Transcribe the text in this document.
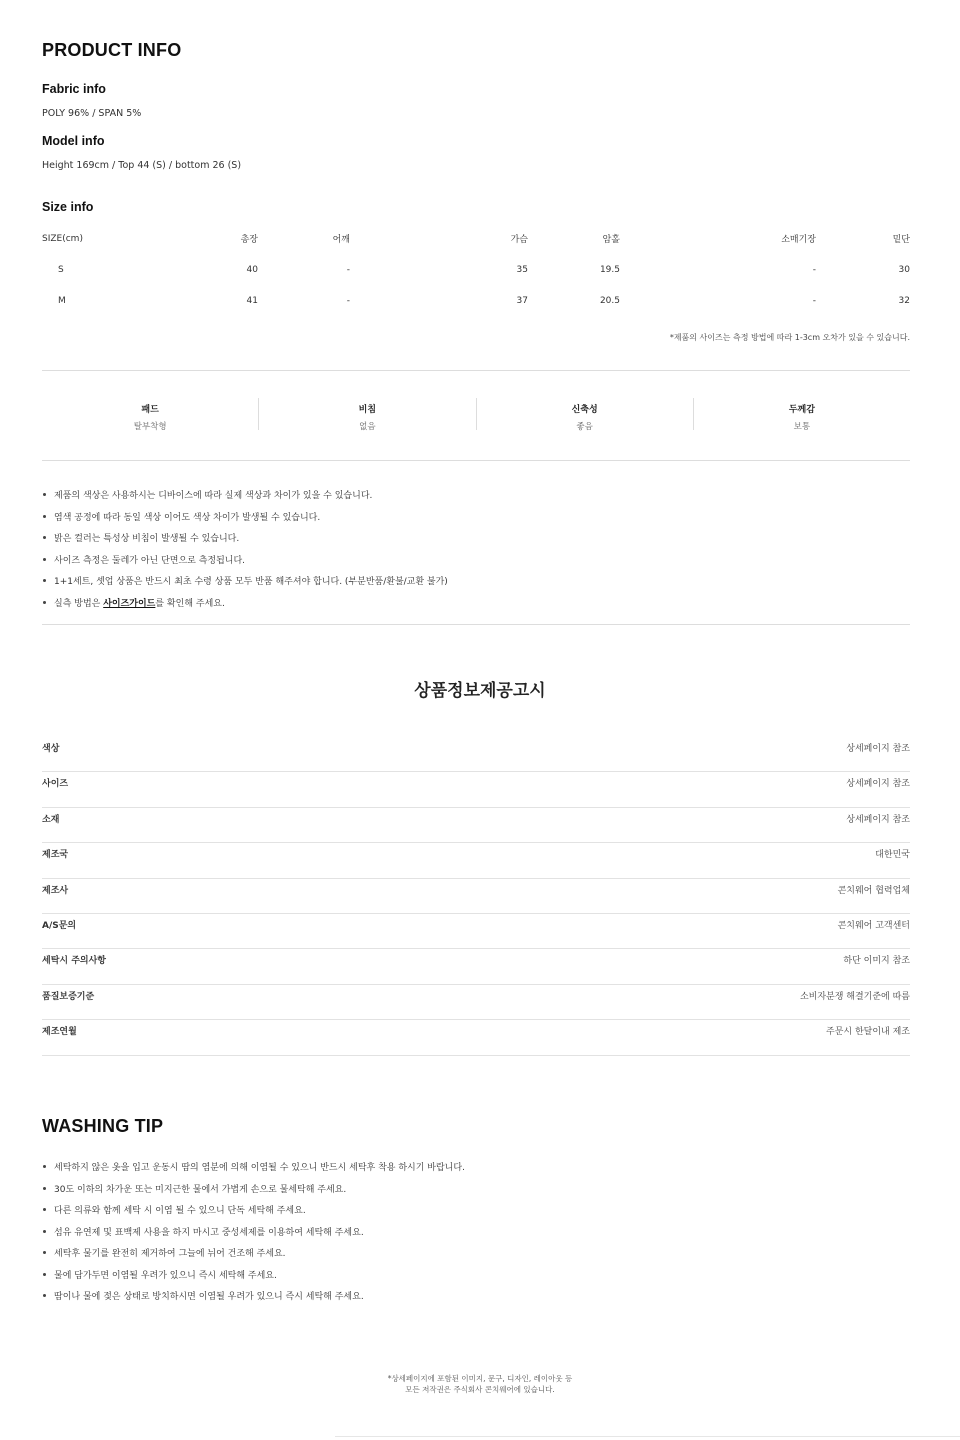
PRODUCT INFO
Fabric info
POLY 96% / SPAN 5%
Model info
Height 169cm / Top 44 (S) / bottom 26 (S)
Size info
SIZE(cm)	총장	어깨	가슴	암홀	소매기장	밑단
S	40	-	35	19.5	-	30
M	41	-	37	20.5	-	32
*제품의 사이즈는 측정 방법에 따라 1-3cm 오차가 있을 수 있습니다.
패드
탈부착형
비침
없음
신축성
좋음
두께감
보통
제품의 색상은 사용하시는 디바이스에 따라 실제 색상과 차이가 있을 수 있습니다.
염색 공정에 따라 동일 색상 이어도 색상 차이가 발생될 수 있습니다.
밝은 컬러는 특성상 비침이 발생될 수 있습니다.
사이즈 측정은 둘레가 아닌 단면으로 측정됩니다.
1+1세트, 셋업 상품은 반드시 최초 수령 상품 모두 반품 해주셔야 합니다. (부분반품/환불/교환 불가)
실측 방법은 사이즈가이드를 확인해 주세요.
상품정보제공고시
색상	상세페이지 참조
사이즈	상세페이지 참조
소재	상세페이지 참조
제조국	대한민국
제조사	콘치웨어 협력업체
A/S문의	콘치웨어 고객센터
세탁시 주의사항	하단 이미지 참조
품질보증기준	소비자분쟁 해결기준에 따름
제조연월	주문시 한달이내 제조
WASHING TIP
세탁하지 않은 옷을 입고 운동시 땀의 염분에 의해 이염될 수 있으니 반드시 세탁후 착용 하시기 바랍니다.
30도 이하의 차가운 또는 미지근한 물에서 가볍게 손으로 물세탁해 주세요.
다른 의류와 함께 세탁 시 이염 될 수 있으니 단독 세탁해 주세요.
섬유 유연제 및 표백제 사용을 하지 마시고 중성세제를 이용하여 세탁해 주세요.
세탁후 물기를 완전히 제거하여 그늘에 뉘어 건조해 주세요.
물에 담가두면 이염될 우려가 있으니 즉시 세탁해 주세요.
땀이나 물에 젖은 상태로 방치하시면 이염될 우려가 있으니 즉시 세탁해 주세요.
*상세페이지에 포함된 이미지, 문구, 디자인, 레이아웃 등
모든 저작권은 주식회사 콘치웨어에 있습니다.
